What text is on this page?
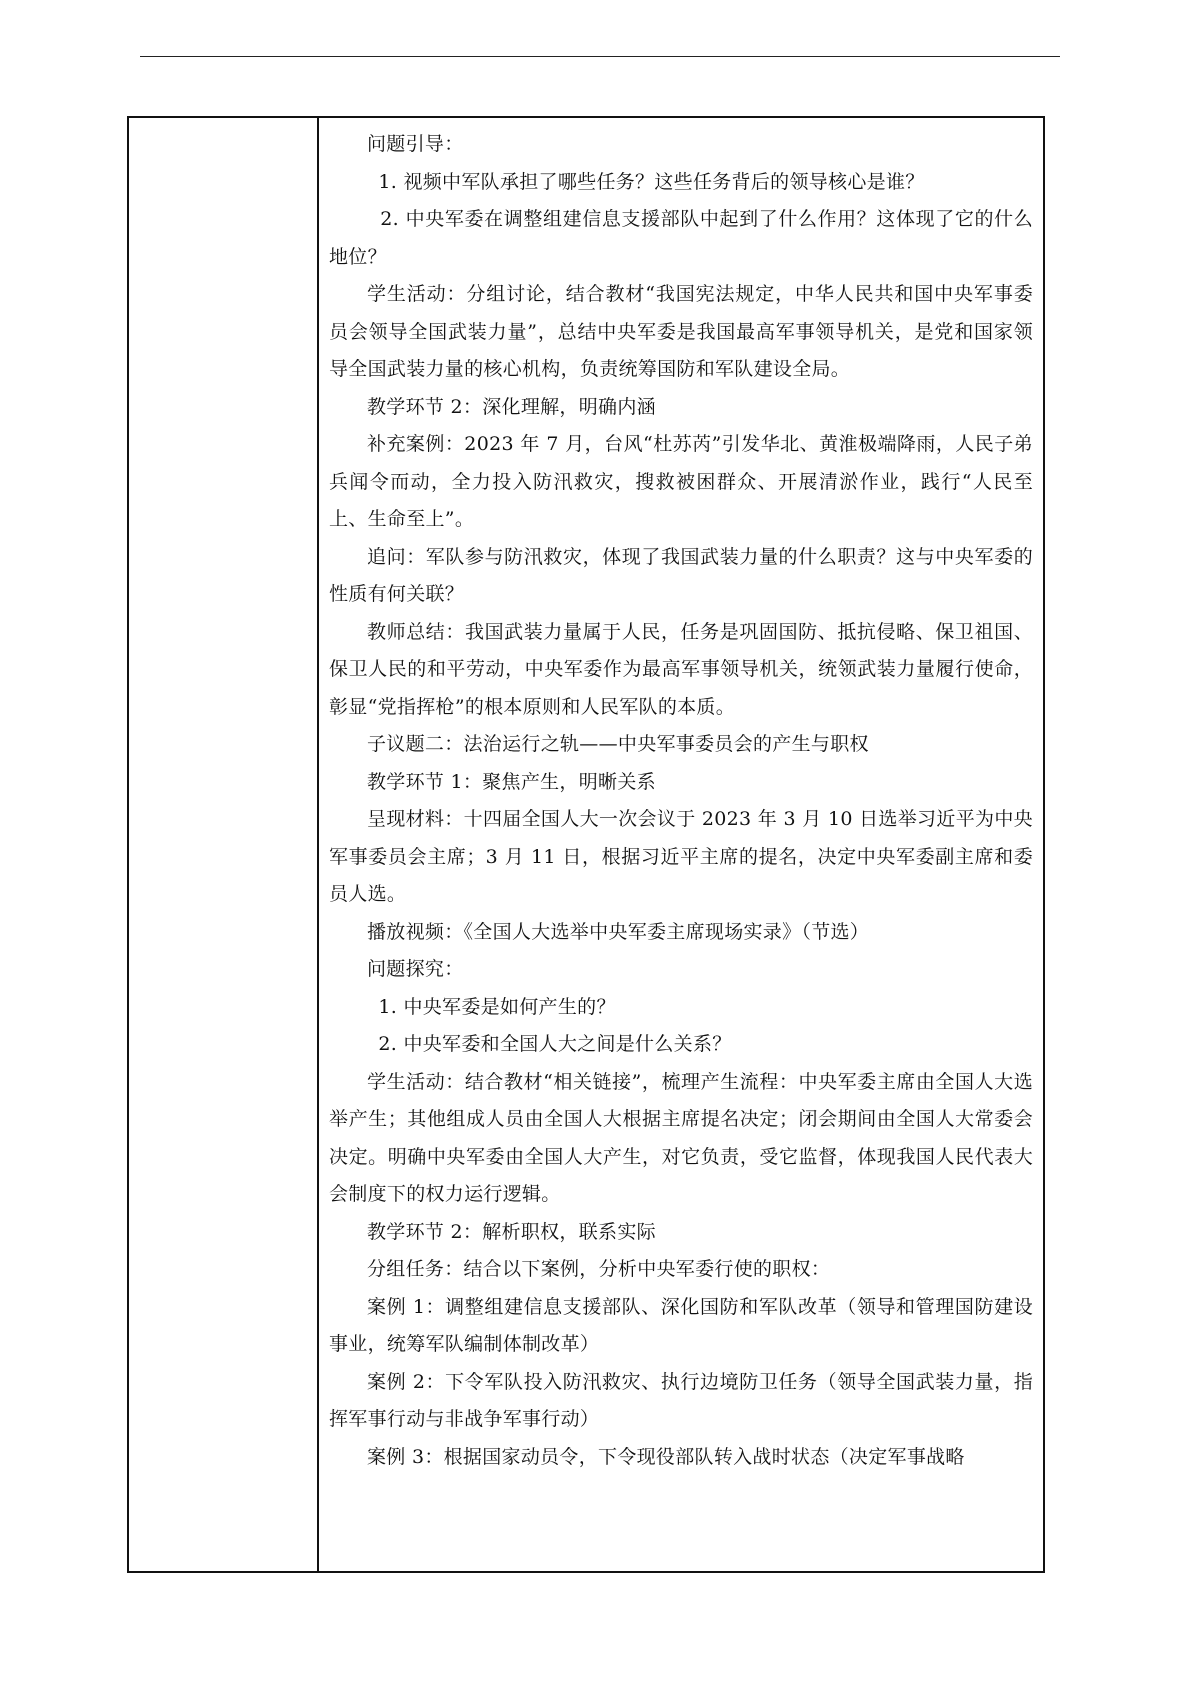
问题引导：

1. 视频中军队承担了哪些任务？这些任务背后的领导核心是谁？

2. 中央军委在调整组建信息支援部队中起到了什么作用？这体现了它的什么地位？

学生活动：分组讨论，结合教材“我国宪法规定，中华人民共和国中央军事委员会领导全国武装力量”，总结中央军委是我国最高军事领导机关，是党和国家领导全国武装力量的核心机构，负责统筹国防和军队建设全局。

教学环节 2：深化理解，明确内涵

补充案例：2023 年 7 月，台风“杜苏芮”引发华北、黄淮极端降雨，人民子弟兵闻令而动，全力投入防汛救灾，搜救被困群众、开展清淤作业，践行“人民至上、生命至上”。

追问：军队参与防汛救灾，体现了我国武装力量的什么职责？这与中央军委的性质有何关联？

教师总结：我国武装力量属于人民，任务是巩固国防、抵抗侵略、保卫祖国、保卫人民的和平劳动，中央军委作为最高军事领导机关，统领武装力量履行使命，彰显“党指挥枪”的根本原则和人民军队的本质。

子议题二：法治运行之轨——中央军事委员会的产生与职权

教学环节 1：聚焦产生，明晰关系

呈现材料：十四届全国人大一次会议于 2023 年 3 月 10 日选举习近平为中央军事委员会主席；3 月 11 日，根据习近平主席的提名，决定中央军委副主席和委员人选。

播放视频：《全国人大选举中央军委主席现场实录》（节选）

问题探究：

1. 中央军委是如何产生的？

2. 中央军委和全国人大之间是什么关系？

学生活动：结合教材“相关链接”，梳理产生流程：中央军委主席由全国人大选举产生；其他组成人员由全国人大根据主席提名决定；闭会期间由全国人大常委会决定。明确中央军委由全国人大产生，对它负责，受它监督，体现我国人民代表大会制度下的权力运行逻辑。

教学环节 2：解析职权，联系实际

分组任务：结合以下案例，分析中央军委行使的职权：

案例 1：调整组建信息支援部队、深化国防和军队改革（领导和管理国防建设事业，统筹军队编制体制改革）

案例 2：下令军队投入防汛救灾、执行边境防卫任务（领导全国武装力量，指挥军事行动与非战争军事行动）

案例 3：根据国家动员令，下令现役部队转入战时状态（决定军事战略
